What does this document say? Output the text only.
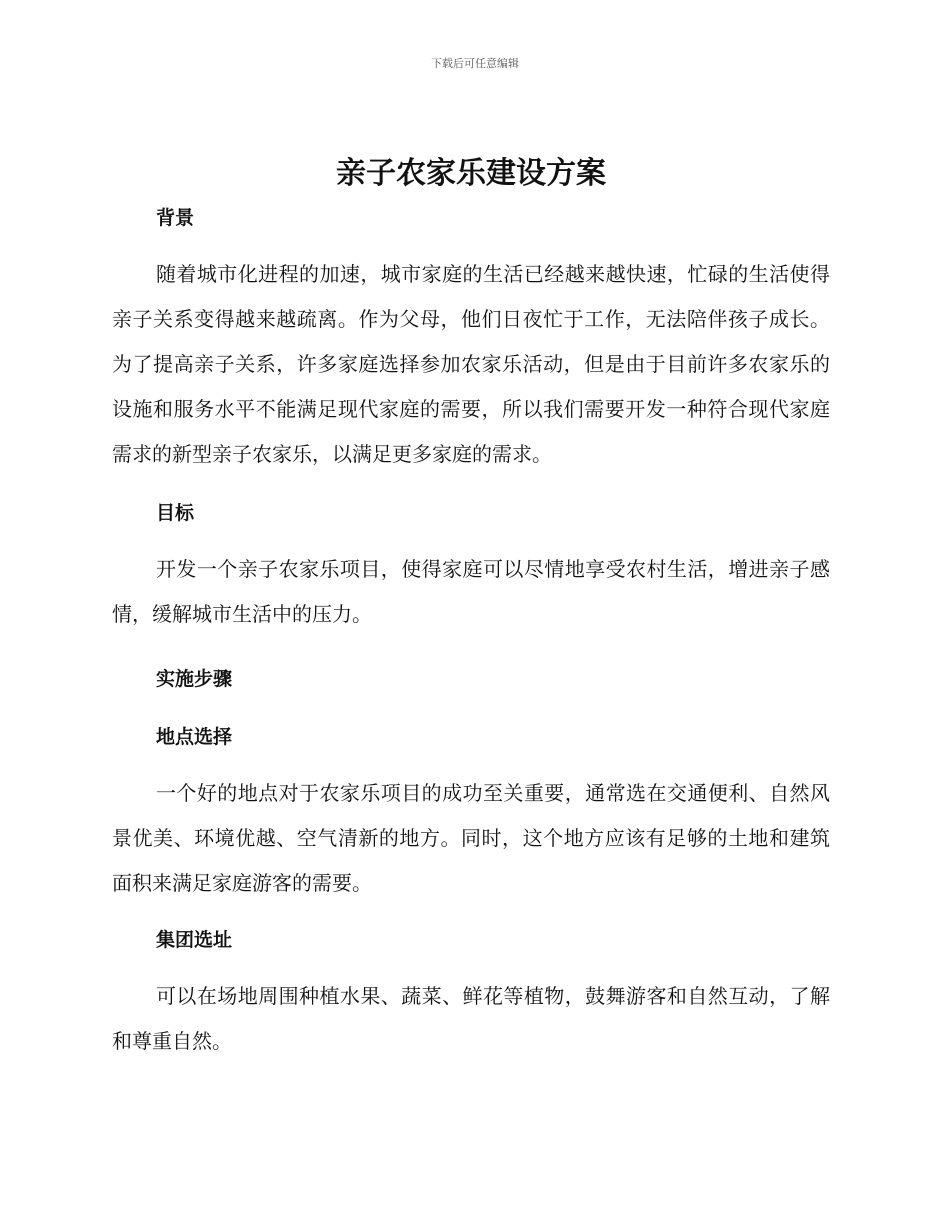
下载后可任意编辑
亲子农家乐建设方案
背景

随着城市化进程的加速，城市家庭的生活已经越来越快速，忙碌的生活使得亲子关系变得越来越疏离。作为父母，他们日夜忙于工作，无法陪伴孩子成长。为了提高亲子关系，许多家庭选择参加农家乐活动，但是由于目前许多农家乐的设施和服务水平不能满足现代家庭的需要，所以我们需要开发一种符合现代家庭需求的新型亲子农家乐，以满足更多家庭的需求。

目标

开发一个亲子农家乐项目，使得家庭可以尽情地享受农村生活，增进亲子感情，缓解城市生活中的压力。

实施步骤
地点选择

一个好的地点对于农家乐项目的成功至关重要，通常选在交通便利、自然风景优美、环境优越、空气清新的地方。同时，这个地方应该有足够的土地和建筑面积来满足家庭游客的需要。

集团选址

可以在场地周围种植水果、蔬菜、鲜花等植物，鼓舞游客和自然互动，了解和尊重自然。
